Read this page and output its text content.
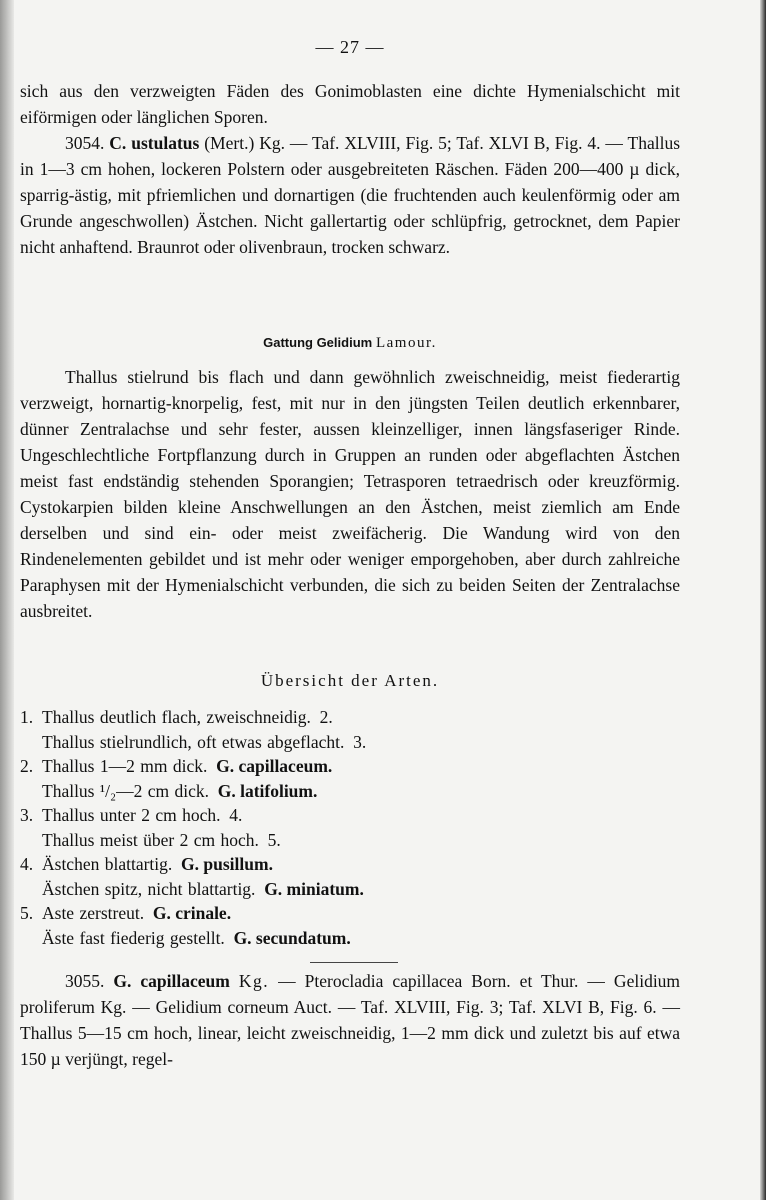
— 27 —

sich aus den verzweigten Fäden des Gonimoblasten eine dichte Hymenialschicht mit eiförmigen oder länglichen Sporen.

3054. C. ustulatus (Mert.) Kg. — Taf. XLVIII, Fig. 5; Taf. XLVI B, Fig. 4. — Thallus in 1—3 cm hohen, lockeren Polstern oder ausgebreiteten Räschen. Fäden 200—400 µ dick, sparrig-ästig, mit pfriemlichen und dornartigen (die fruchtenden auch keulenförmig oder am Grunde angeschwollen) Ästchen. Nicht gallertartig oder schlüpfrig, getrocknet, dem Papier nicht anhaftend. Braunrot oder olivenbraun, trocken schwarz.

Gattung Gelidium Lamour.

Thallus stielrund bis flach und dann gewöhnlich zweischneidig, meist fiederartig verzweigt, hornartig-knorpelig, fest, mit nur in den jüngsten Teilen deutlich erkennbarer, dünner Zentralachse und sehr fester, aussen kleinzelliger, innen längsfaseriger Rinde. Ungeschlechtliche Fortpflanzung durch in Gruppen an runden oder abgeflachten Ästchen meist fast endständig stehenden Sporangien; Tetrasporen tetraedrisch oder kreuzförmig. Cystokarpien bilden kleine Anschwellungen an den Ästchen, meist ziemlich am Ende derselben und sind ein- oder meist zweifächerig. Die Wandung wird von den Rindenelementen gebildet und ist mehr oder weniger emporgehoben, aber durch zahlreiche Paraphysen mit der Hymenialschicht verbunden, die sich zu beiden Seiten der Zentralachse ausbreitet.

Übersicht der Arten.
1. Thallus deutlich flach, zweischneidig. 2.
Thallus stielrundlich, oft etwas abgeflacht. 3.
2. Thallus 1—2 mm dick. G. capillaceum.
Thallus ¹/₂—2 cm dick. G. latifolium.
3. Thallus unter 2 cm hoch. 4.
Thallus meist über 2 cm hoch. 5.
4. Ästchen blattartig. G. pusillum.
Ästchen spitz, nicht blattartig. G. miniatum.
5. Aste zerstreut. G. crinale.
Äste fast fiederig gestellt. G. secundatum.

3055. G. capillaceum Kg. — Pterocladia capillacea Born. et Thur. — Gelidium proliferum Kg. — Gelidium corneum Auct. — Taf. XLVIII, Fig. 3; Taf. XLVI B, Fig. 6. — Thallus 5—15 cm hoch, linear, leicht zweischneidig, 1—2 mm dick und zuletzt bis auf etwa 150 µ verjüngt, regel-
